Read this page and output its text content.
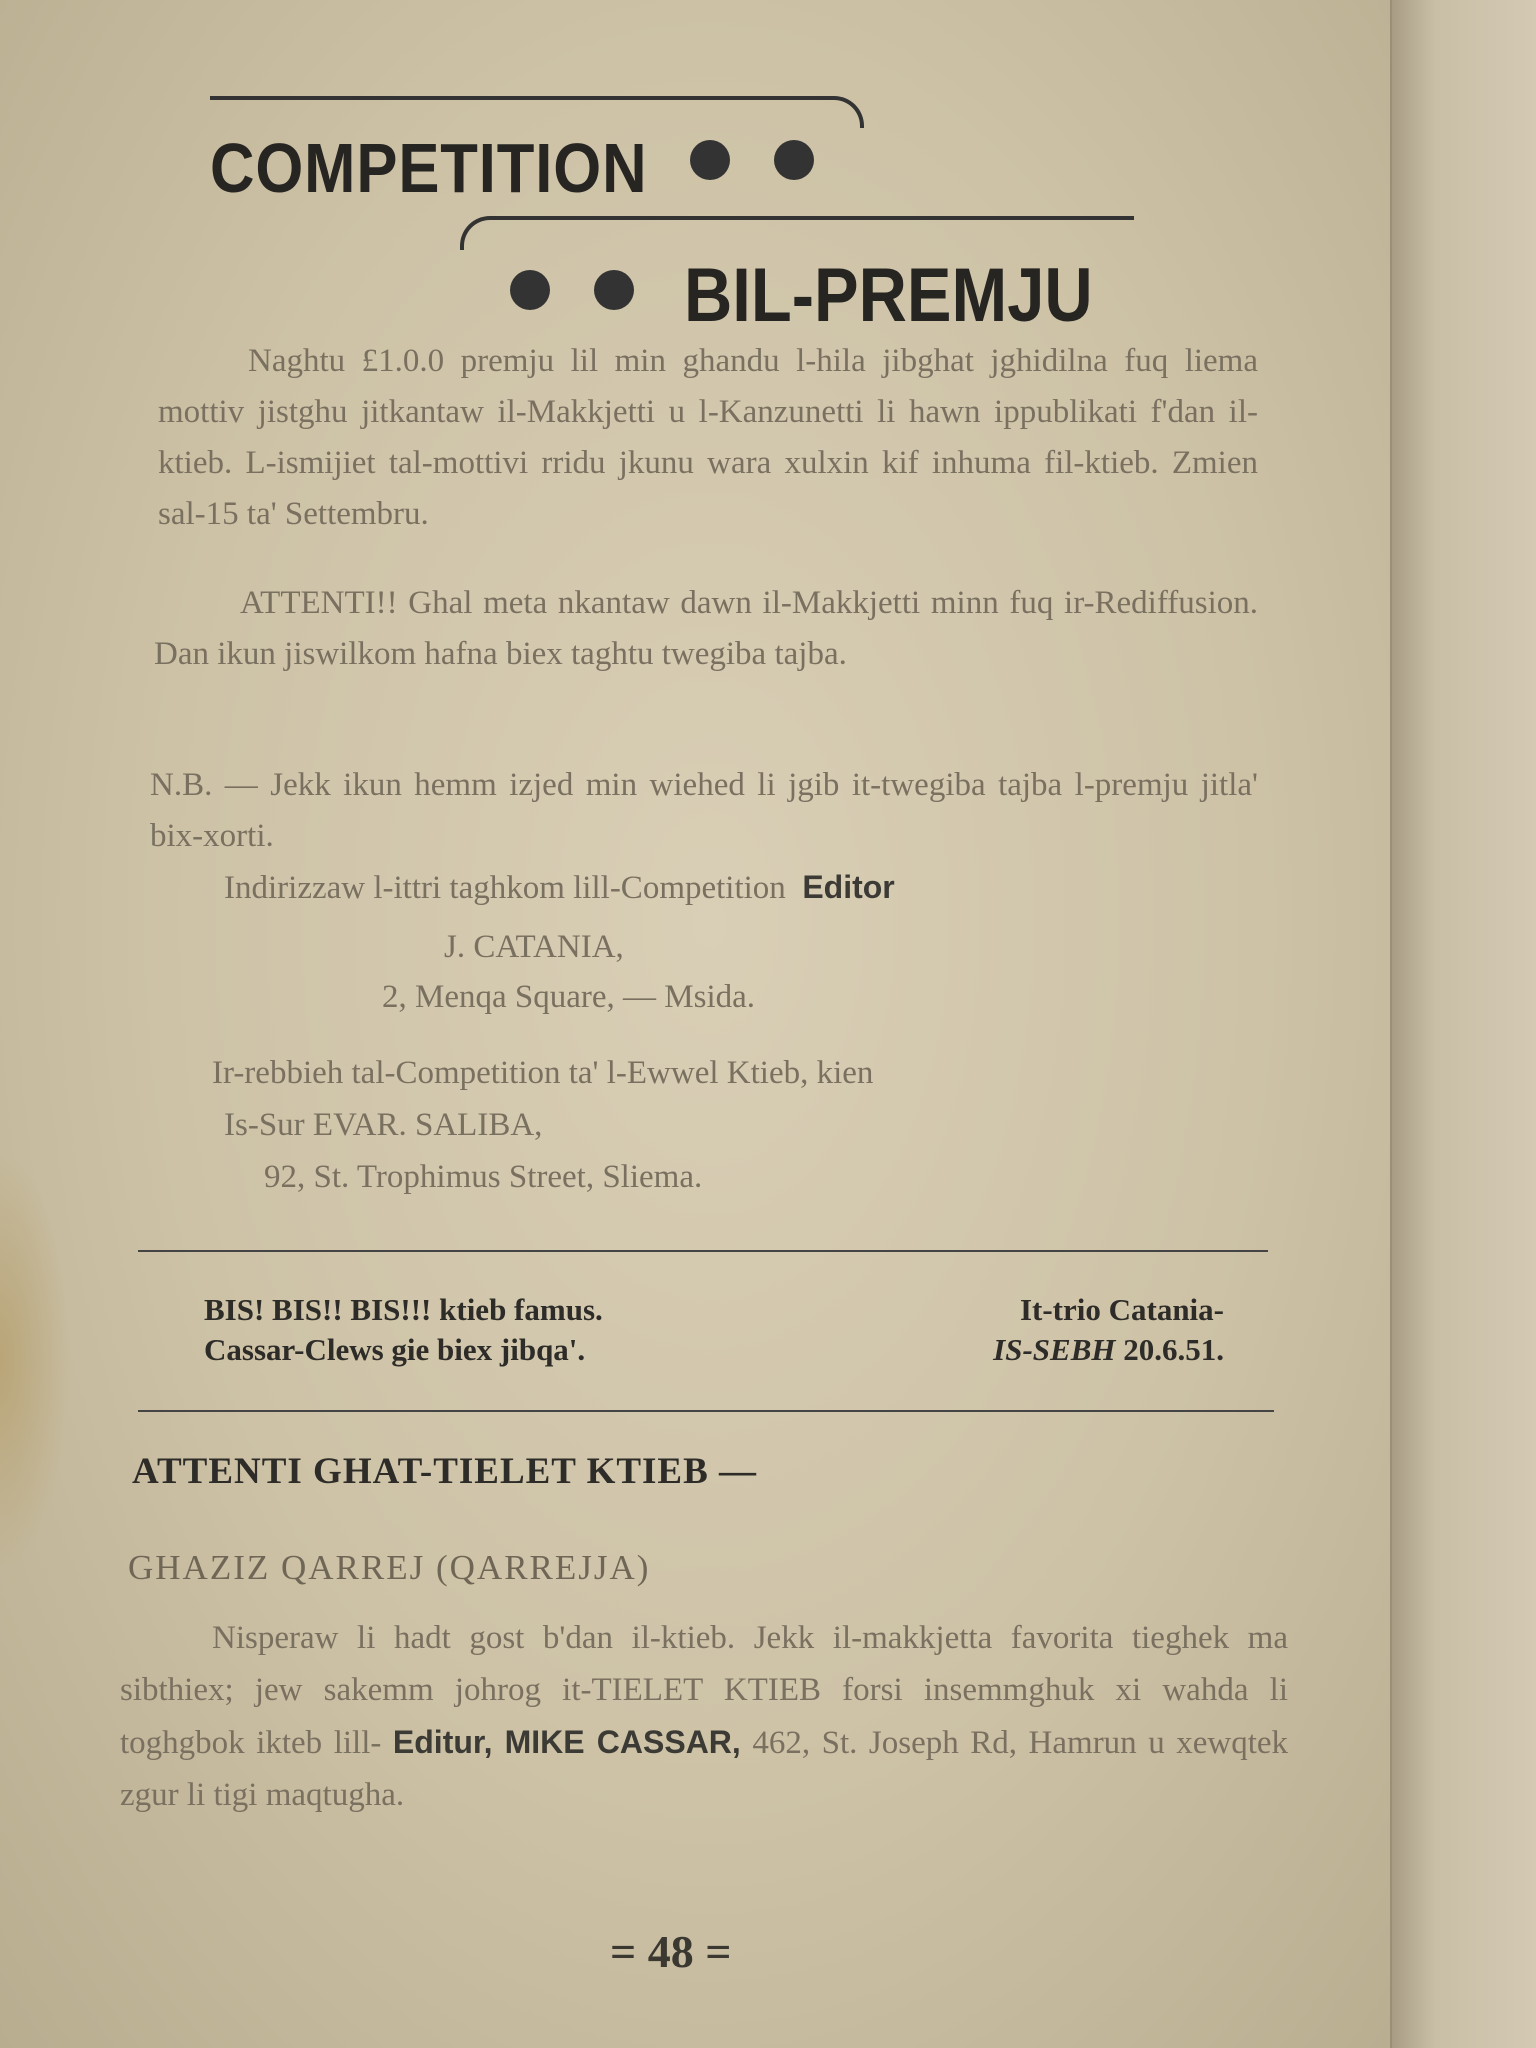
COMPETITION
BIL-PREMJU
Naghtu £1.0.0 premju lil min ghandu l-hila jibghat jghidilna fuq liema mottiv jistghu jitkantaw il-Makkjetti u l-Kanzunetti li hawn ippublikati f'dan il-ktieb. L-ismijiet tal-mottivi rridu jkunu wara xulxin kif inhuma fil-ktieb. Zmien sal-15 ta' Settembru.
ATTENTI!! Ghal meta nkantaw dawn il-Makkjetti minn fuq ir-Rediffusion. Dan ikun jiswilkom hafna biex taghtu twegiba tajba.
N.B. — Jekk ikun hemm izjed min wiehed li jgib it-twegiba tajba l-premju jitla' bix-xorti.
Indirizzaw l-ittri taghkom lill-Competition Editor
J. CATANIA,
2, Menqa Square, — Msida.
Ir-rebbieh tal-Competition ta' l-Ewwel Ktieb, kien
Is-Sur EVAR. SALIBA,
92, St. Trophimus Street, Sliema.
BIS! BIS!! BIS!!! ktieb famus.	It-trio Catania-
Cassar-Clews gie biex jibqa'.	IS-SEBH 20.6.51.
ATTENTI GHAT-TIELET KTIEB —
GHAZIZ QARREJ (QARREJJA)
Nisperaw li hadt gost b'dan il-ktieb. Jekk il-makkjetta favorita tieghek ma sibthiex; jew sakemm johrog it-TIELET KTIEB forsi insemmghuk xi wahda li toghgbok ikteb lill- Editur, MIKE CASSAR, 462, St. Joseph Rd, Hamrun u xewqtek zgur li tigi maqtugha.
= 48 =
